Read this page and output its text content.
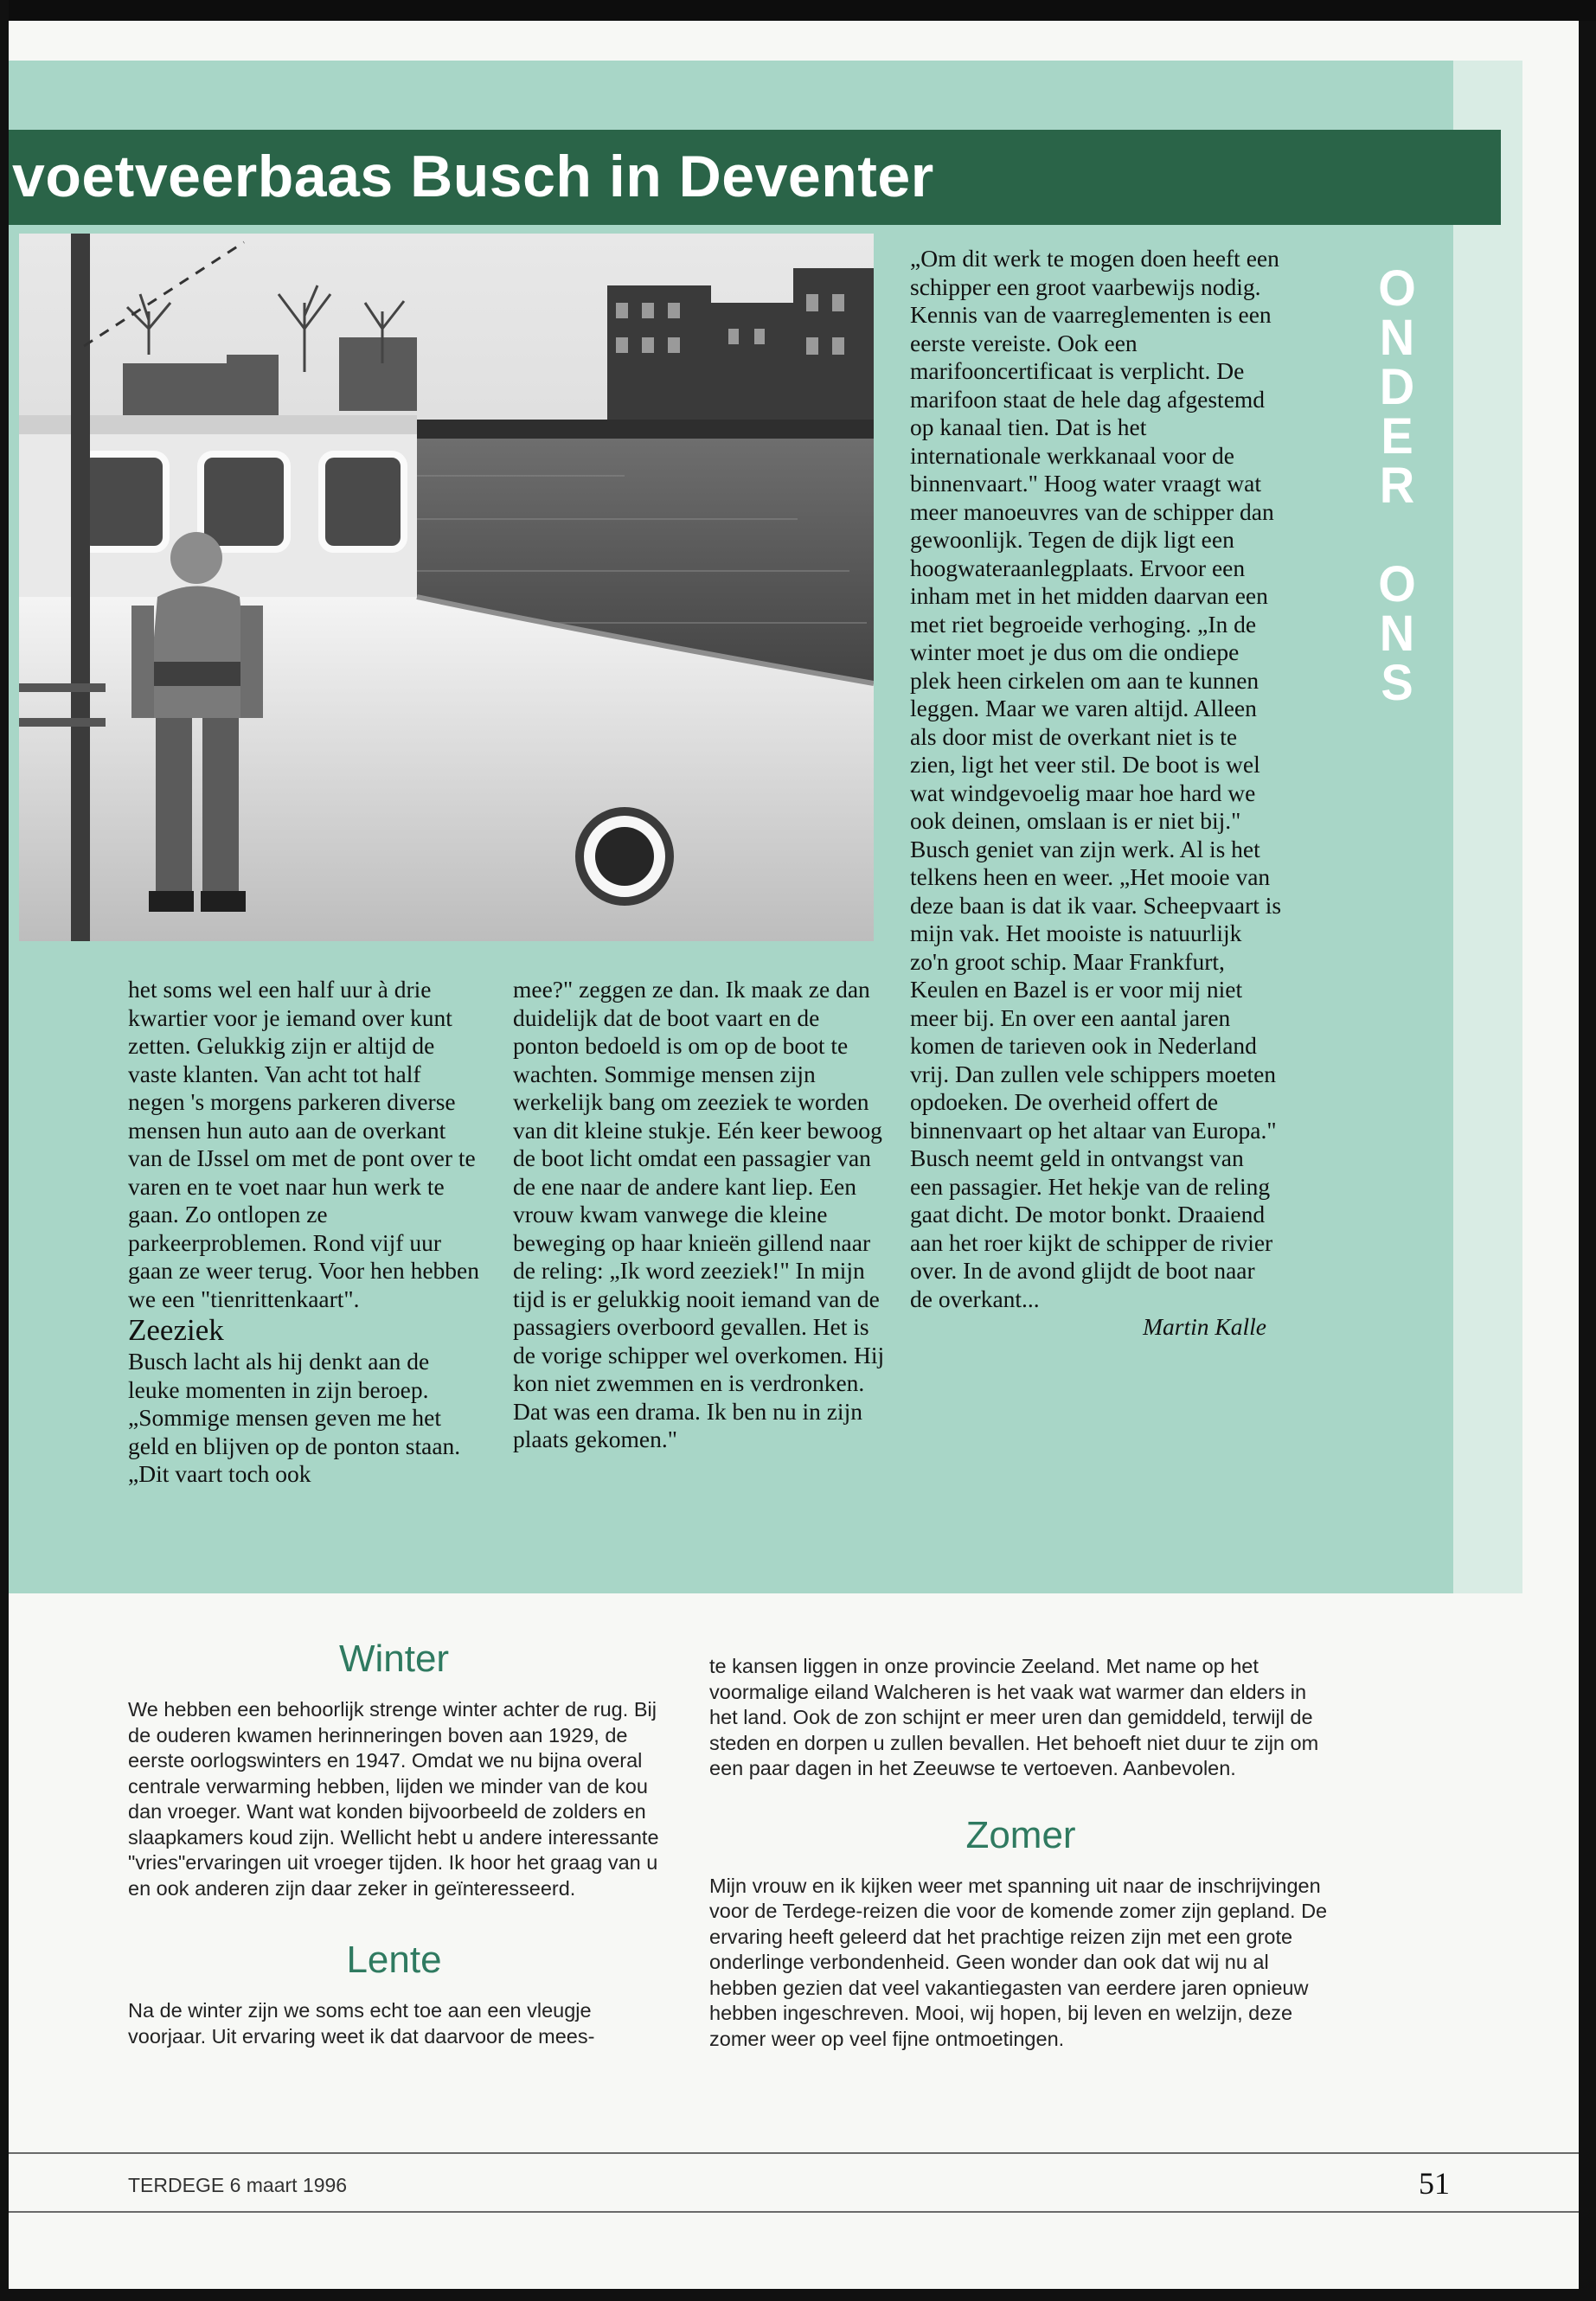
voetveerbaas Busch in Deventer
O
N
D
E
R
O
N
S

„Om dit werk te mogen doen heeft een schipper een groot vaarbewijs nodig. Kennis van de vaarreglementen is een eerste vereiste. Ook een marifooncertificaat is verplicht. De marifoon staat de hele dag afgestemd op kanaal tien. Dat is het internationale werkkanaal voor de binnenvaart." Hoog water vraagt wat meer manoeuvres van de schipper dan gewoonlijk. Tegen de dijk ligt een hoogwateraanlegplaats. Ervoor een inham met in het midden daarvan een met riet begroeide verhoging. „In de winter moet je dus om die ondiepe plek heen cirkelen om aan te kunnen leggen. Maar we varen altijd. Alleen als door mist de overkant niet is te zien, ligt het veer stil. De boot is wel wat windgevoelig maar hoe hard we ook deinen, omslaan is er niet bij."

Busch geniet van zijn werk. Al is het telkens heen en weer. „Het mooie van deze baan is dat ik vaar. Scheepvaart is mijn vak. Het mooiste is natuurlijk zo'n groot schip. Maar Frankfurt, Keulen en Bazel is er voor mij niet meer bij. En over een aantal jaren komen de tarieven ook in Nederland vrij. Dan zullen vele schippers moeten opdoeken. De overheid offert de binnenvaart op het altaar van Europa."

Busch neemt geld in ontvangst van een passagier. Het hekje van de reling gaat dicht. De motor bonkt. Draaiend aan het roer kijkt de schipper de rivier over. In de avond glijdt de boot naar de overkant...

Martin Kalle

het soms wel een half uur à drie kwartier voor je iemand over kunt zetten. Gelukkig zijn er altijd de vaste klanten. Van acht tot half negen 's morgens parkeren diverse mensen hun auto aan de overkant van de IJssel om met de pont over te varen en te voet naar hun werk te gaan. Zo ontlopen ze parkeerproblemen. Rond vijf uur gaan ze weer terug. Voor hen hebben we een "tienrittenkaart".

Zeeziek

Busch lacht als hij denkt aan de leuke momenten in zijn beroep. „Sommige mensen geven me het geld en blijven op de ponton staan. „Dit vaart toch ook

mee?" zeggen ze dan. Ik maak ze dan duidelijk dat de boot vaart en de ponton bedoeld is om op de boot te wachten. Sommige mensen zijn werkelijk bang om zeeziek te worden van dit kleine stukje. Eén keer bewoog de boot licht omdat een passagier van de ene naar de andere kant liep. Een vrouw kwam vanwege die kleine beweging op haar knieën gillend naar de reling: „Ik word zeeziek!" In mijn tijd is er gelukkig nooit iemand van de passagiers overboord gevallen. Het is de vorige schipper wel overkomen. Hij kon niet zwemmen en is verdronken. Dat was een drama. Ik ben nu in zijn plaats gekomen."

Winter

We hebben een behoorlijk strenge winter achter de rug. Bij de ouderen kwamen herinneringen boven aan 1929, de eerste oorlogswinters en 1947. Omdat we nu bijna overal centrale verwarming hebben, lijden we minder van de kou dan vroeger. Want wat konden bijvoorbeeld de zolders en slaapkamers koud zijn. Wellicht hebt u andere interessante "vries"ervaringen uit vroeger tijden. Ik hoor het graag van u en ook anderen zijn daar zeker in geïnteresseerd.

Lente

Na de winter zijn we soms echt toe aan een vleugje voorjaar. Uit ervaring weet ik dat daarvoor de mees-

te kansen liggen in onze provincie Zeeland. Met name op het voormalige eiland Walcheren is het vaak wat warmer dan elders in het land. Ook de zon schijnt er meer uren dan gemiddeld, terwijl de steden en dorpen u zullen bevallen. Het behoeft niet duur te zijn om een paar dagen in het Zeeuwse te vertoeven. Aanbevolen.

Zomer

Mijn vrouw en ik kijken weer met spanning uit naar de inschrijvingen voor de Terdege-reizen die voor de komende zomer zijn gepland. De ervaring heeft geleerd dat het prachtige reizen zijn met een grote onderlinge verbondenheid. Geen wonder dan ook dat wij nu al hebben gezien dat veel vakantiegasten van eerdere jaren opnieuw hebben ingeschreven. Mooi, wij hopen, bij leven en welzijn, deze zomer weer op veel fijne ontmoetingen.

TERDEGE 6 maart 1996	51
